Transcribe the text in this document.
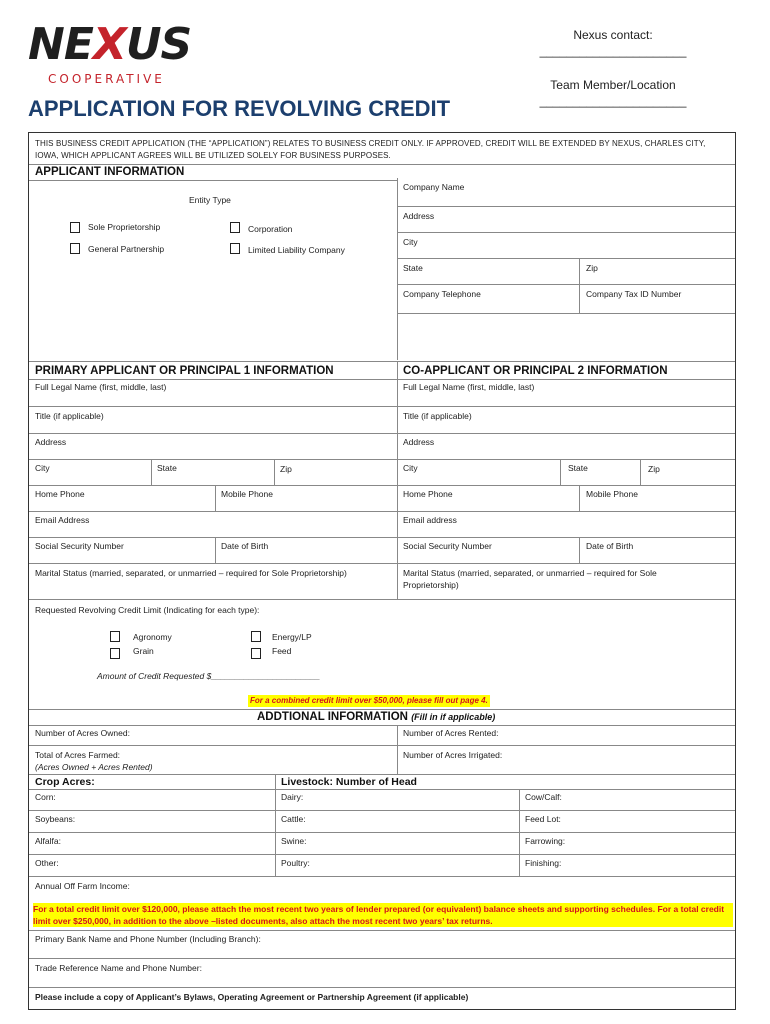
NEXUS
COOPERATIVE
Nexus contact:
______________________
Team Member/Location
______________________
APPLICATION FOR REVOLVING CREDIT
THIS BUSINESS CREDIT APPLICATION (THE “APPLICATION”) RELATES TO BUSINESS CREDIT ONLY. IF APPROVED, CREDIT WILL BE EXTENDED BY NEXUS, CHARLES CITY, IOWA, WHICH APPLICANT AGREES WILL BE UTILIZED SOLELY FOR BUSINESS PURPOSES.
APPLICANT INFORMATION
Entity Type
Sole Proprietorship	Corporation
General Partnership	Limited Liability Company
Company Name
Address
City
State	Zip
Company Telephone	Company Tax ID Number
PRIMARY APPLICANT OR PRINCIPAL 1 INFORMATION	CO-APPLICANT OR PRINCIPAL 2 INFORMATION
Full Legal Name (first, middle, last)	Full Legal Name (first, middle, last)
Title (if applicable)	Title (if applicable)
Address	Address
City	State	Zip	City	State	Zip
Home Phone	Mobile Phone	Home Phone	Mobile Phone
Email Address	Email address
Social Security Number	Date of Birth	Social Security Number	Date of Birth
Marital Status (married, separated, or unmarried – required for Sole Proprietorship)	Marital Status (married, separated, or unmarried – required for Sole Proprietorship)
Requested Revolving Credit Limit (Indicating for each type):
Agronomy	Energy/LP
Grain	Feed
Amount of Credit Requested $_______________________
For a combined credit limit over $50,000, please fill out page 4.
ADDTIONAL INFORMATION (Fill in if applicable)
Number of Acres Owned:	Number of Acres Rented:
Total of Acres Farmed:
(Acres Owned + Acres Rented)
Number of Acres Irrigated:
Crop Acres:	Livestock: Number of Head
Corn:	Dairy:	Cow/Calf:
Soybeans:	Cattle:	Feed Lot:
Alfalfa:	Swine:	Farrowing:
Other:	Poultry:	Finishing:
Annual Off Farm Income:
For a total credit limit over $120,000, please attach the most recent two years of lender prepared (or equivalent) balance sheets and supporting schedules. For a total credit limit over $250,000, in addition to the above –listed documents, also attach the most recent two years’ tax returns.
Primary Bank Name and Phone Number (Including Branch):
Trade Reference Name and Phone Number:
Please include a copy of Applicant’s Bylaws, Operating Agreement or Partnership Agreement (if applicable)
